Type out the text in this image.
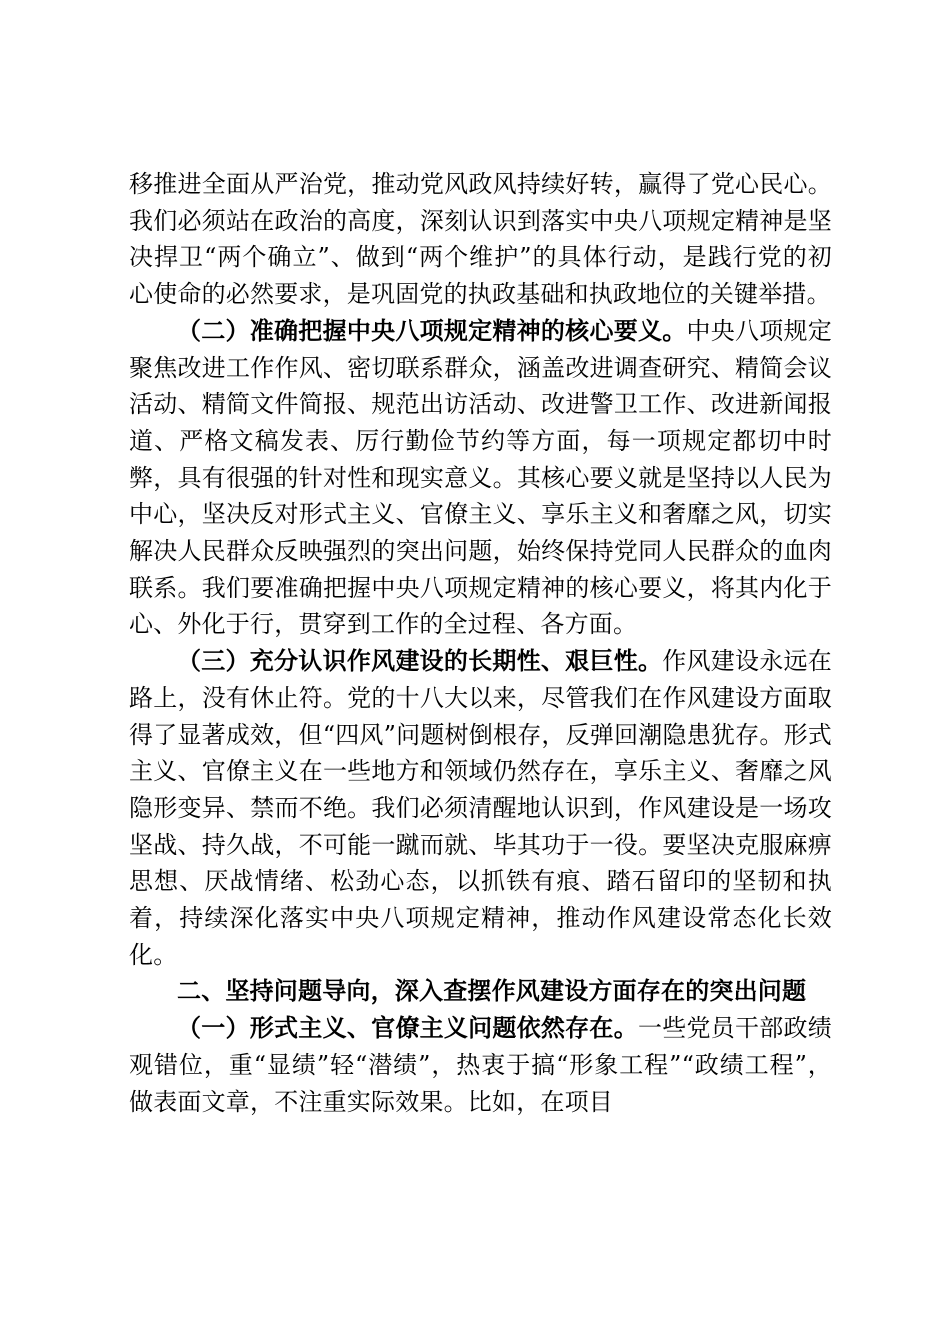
移推进全面从严治党，推动党风政风持续好转，赢得了党心民心。我们必须站在政治的高度，深刻认识到落实中央八项规定精神是坚决捍卫“两个确立”、做到“两个维护”的具体行动，是践行党的初心使命的必然要求，是巩固党的执政基础和执政地位的关键举措。

（二）准确把握中央八项规定精神的核心要义。中央八项规定聚焦改进工作作风、密切联系群众，涵盖改进调查研究、精简会议活动、精简文件简报、规范出访活动、改进警卫工作、改进新闻报道、严格文稿发表、厉行勤俭节约等方面，每一项规定都切中时弊，具有很强的针对性和现实意义。其核心要义就是坚持以人民为中心，坚决反对形式主义、官僚主义、享乐主义和奢靡之风，切实解决人民群众反映强烈的突出问题，始终保持党同人民群众的血肉联系。我们要准确把握中央八项规定精神的核心要义，将其内化于心、外化于行，贯穿到工作的全过程、各方面。

（三）充分认识作风建设的长期性、艰巨性。作风建设永远在路上，没有休止符。党的十八大以来，尽管我们在作风建设方面取得了显著成效，但“四风”问题树倒根存，反弹回潮隐患犹存。形式主义、官僚主义在一些地方和领域仍然存在，享乐主义、奢靡之风隐形变异、禁而不绝。我们必须清醒地认识到，作风建设是一场攻坚战、持久战，不可能一蹴而就、毕其功于一役。要坚决克服麻痹思想、厌战情绪、松劲心态，以抓铁有痕、踏石留印的坚韧和执着，持续深化落实中央八项规定精神，推动作风建设常态化长效化。

二、坚持问题导向，深入查摆作风建设方面存在的突出问题

（一）形式主义、官僚主义问题依然存在。一些党员干部政绩观错位，重“显绩”轻“潜绩”，热衷于搞“形象工程”“政绩工程”，做表面文章，不注重实际效果。比如，在项目
